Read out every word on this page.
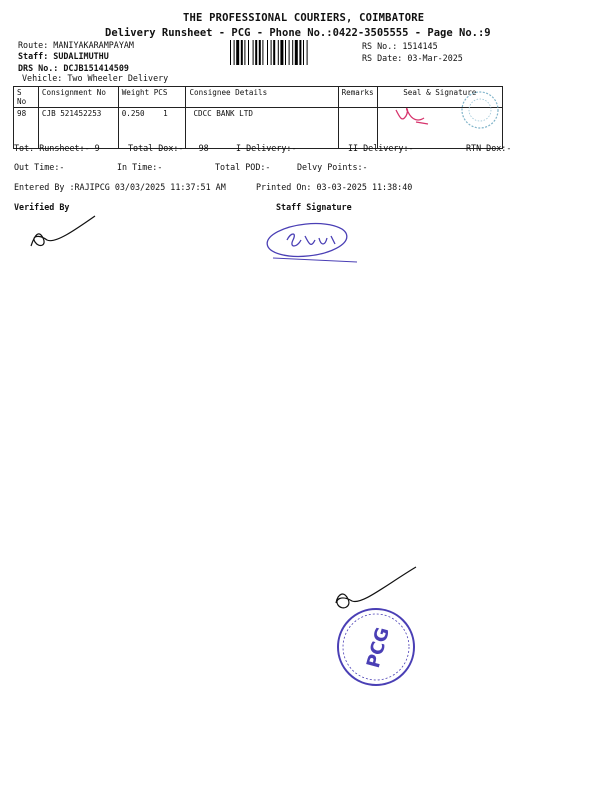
THE PROFESSIONAL COURIERS, COIMBATORE
Delivery Runsheet - PCG - Phone No.:0422-3505555 - Page No.:9
Route: MANIYAKARAMPAYAM
Staff: SUDALIMUTHU
DRS No.: DCJB151414509
Vehicle: Two Wheeler Delivery
RS No.: 1514145
RS Date: 03-Mar-2025
S No	Consignment No	Weight PCS	Consignee Details	Remarks	Seal & Signature
98	CJB 521452253	0.250 1	CDCC BANK LTD		
Tot. Runsheet:- 9	Total Dox:-   98	I Delivery:-	II Delivery:-	RTN Dox:-
Out Time:-	In Time:-	Total POD:-	Delvy Points:-
Entered By :RAJIPCG 03/03/2025 11:37:51 AM	Printed On: 03-03-2025 11:38:40
Verified By	Staff Signature
PCG
